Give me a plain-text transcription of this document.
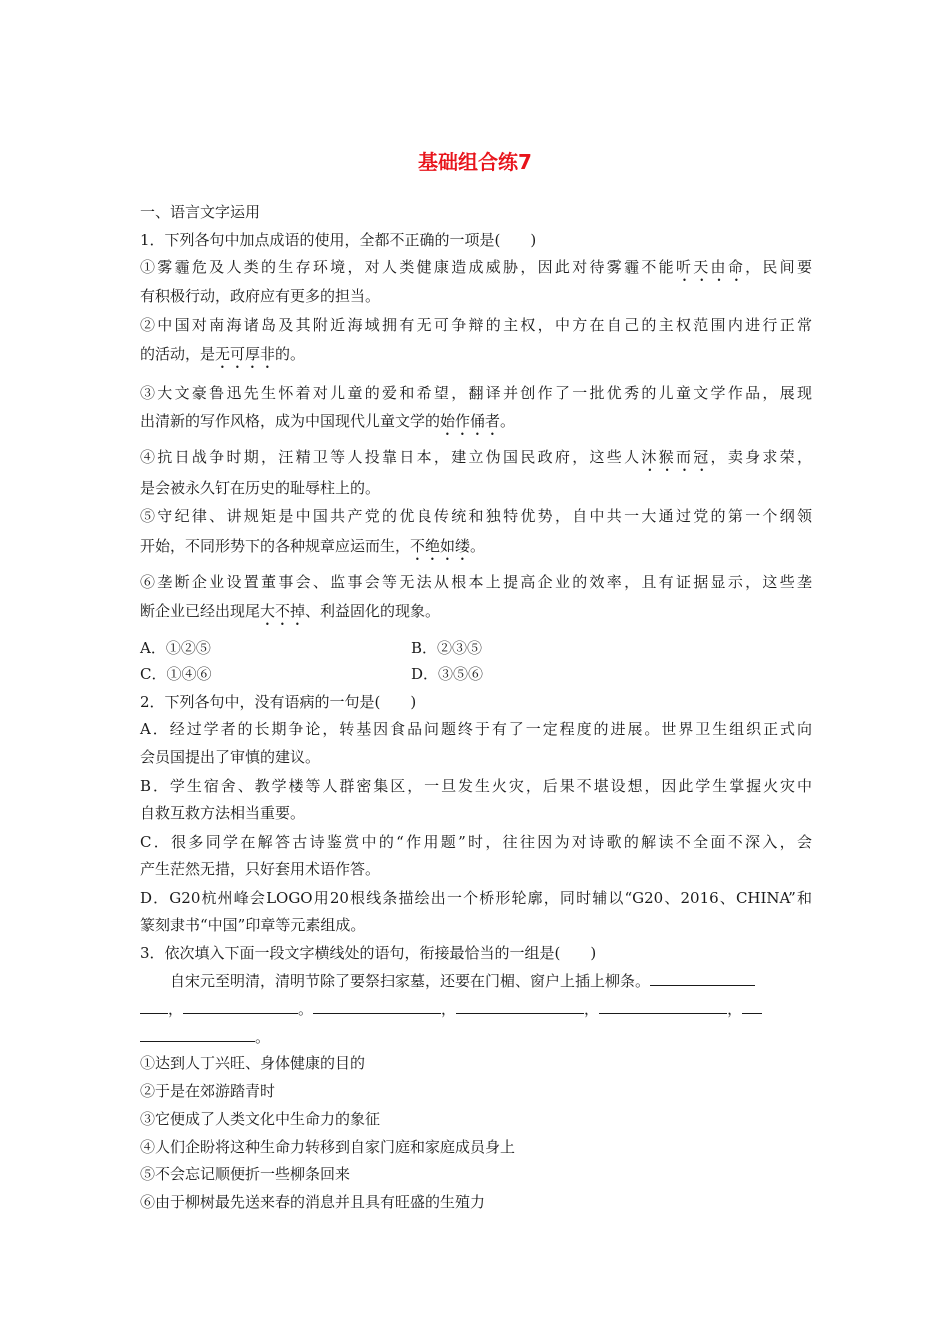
基础组合练7
一、语言文字运用
1．下列各句中加点成语的使用，全都不正确的一项是(　　)
①雾霾危及人类的生存环境，对人类健康造成威胁，因此对待雾霾不能听天由命，民间要
有积极行动，政府应有更多的担当。
②中国对南海诸岛及其附近海域拥有无可争辩的主权，中方在自己的主权范围内进行正常
的活动，是无可厚非的。
③大文豪鲁迅先生怀着对儿童的爱和希望，翻译并创作了一批优秀的儿童文学作品，展现
出清新的写作风格，成为中国现代儿童文学的始作俑者。
④抗日战争时期，汪精卫等人投靠日本，建立伪国民政府，这些人沐猴而冠，卖身求荣，
是会被永久钉在历史的耻辱柱上的。
⑤守纪律、讲规矩是中国共产党的优良传统和独特优势，自中共一大通过党的第一个纲领
开始，不同形势下的各种规章应运而生，不绝如缕。
⑥垄断企业设置董事会、监事会等无法从根本上提高企业的效率，且有证据显示，这些垄
断企业已经出现尾大不掉、利益固化的现象。
A．①②⑤	B．②③⑤
C．①④⑥	D．③⑤⑥
2．下列各句中，没有语病的一句是(　　)
A．经过学者的长期争论，转基因食品问题终于有了一定程度的进展。世界卫生组织正式向
会员国提出了审慎的建议。
B．学生宿舍、教学楼等人群密集区，一旦发生火灾，后果不堪设想，因此学生掌握火灾中
自救互救方法相当重要。
C．很多同学在解答古诗鉴赏中的“作用题”时，往往因为对诗歌的解读不全面不深入，会
产生茫然无措，只好套用术语作答。
D．G20杭州峰会LOGO用20根线条描绘出一个桥形轮廓，同时辅以“G20、2016、CHINA”和
篆刻隶书“中国”印章等元素组成。
3．依次填入下面一段文字横线处的语句，衔接最恰当的一组是(　　)
自宋元至明清，清明节除了要祭扫家墓，还要在门楣、窗户上插上柳条。
，	。	，	，	，
。
①达到人丁兴旺、身体健康的目的
②于是在郊游踏青时
③它便成了人类文化中生命力的象征
④人们企盼将这种生命力转移到自家门庭和家庭成员身上
⑤不会忘记顺便折一些柳条回来
⑥由于柳树最先送来春的消息并且具有旺盛的生殖力
